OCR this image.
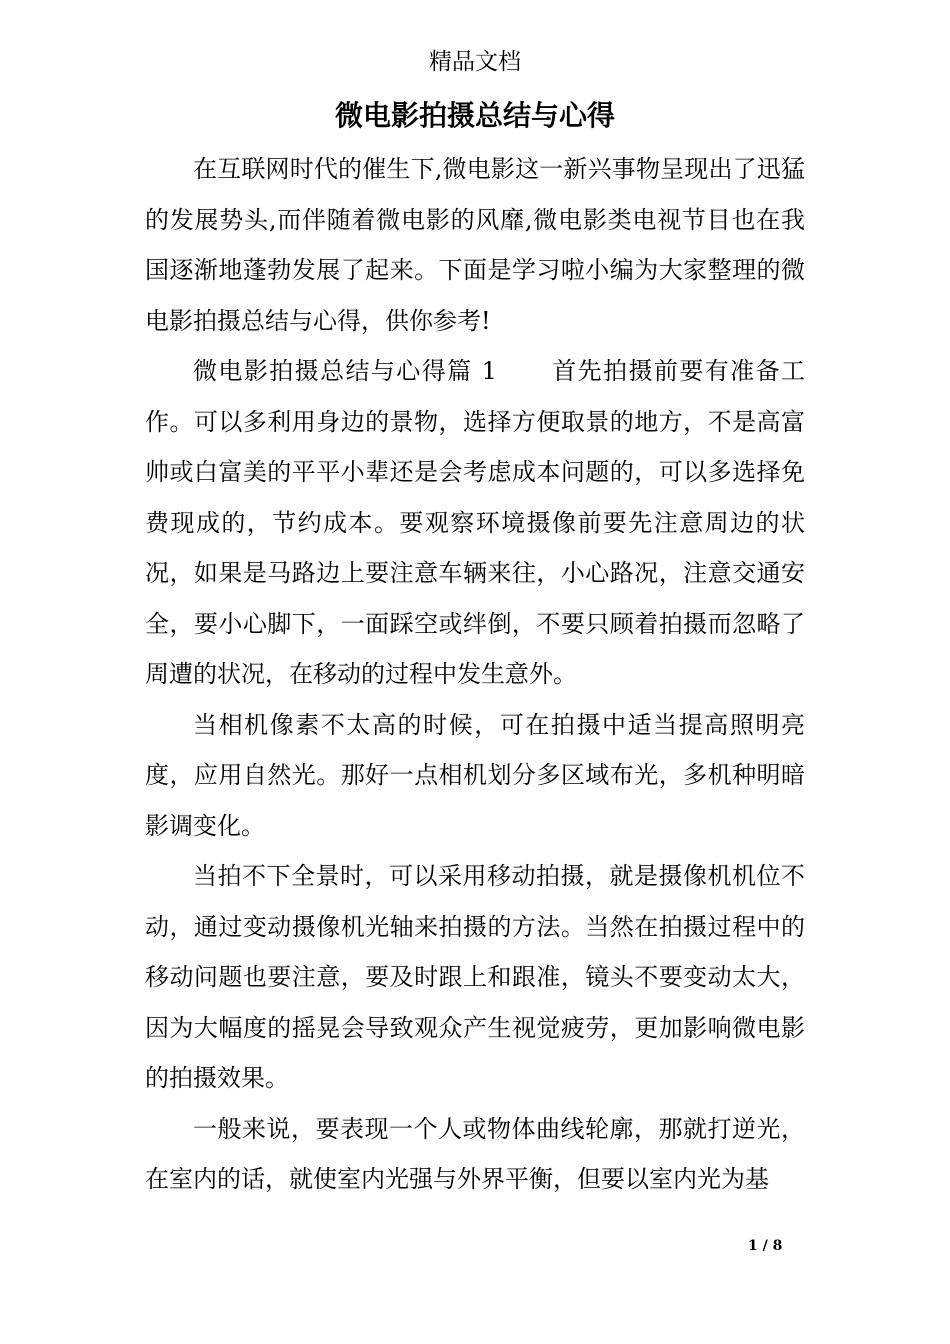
精品文档
微电影拍摄总结与心得

在互联网时代的催生下,微电影这一新兴事物呈现出了迅猛的发展势头,而伴随着微电影的风靡,微电影类电视节目也在我国逐渐地蓬勃发展了起来。下面是学习啦小编为大家整理的微电影拍摄总结与心得，供你参考!

微电影拍摄总结与心得篇 1 首先拍摄前要有准备工作。可以多利用身边的景物，选择方便取景的地方，不是高富帅或白富美的平平小辈还是会考虑成本问题的，可以多选择免费现成的，节约成本。要观察环境摄像前要先注意周边的状况，如果是马路边上要注意车辆来往，小心路况，注意交通安全，要小心脚下，一面踩空或绊倒，不要只顾着拍摄而忽略了周遭的状况，在移动的过程中发生意外。

当相机像素不太高的时候，可在拍摄中适当提高照明亮度，应用自然光。那好一点相机划分多区域布光，多机种明暗影调变化。

当拍不下全景时，可以采用移动拍摄，就是摄像机机位不动，通过变动摄像机光轴来拍摄的方法。当然在拍摄过程中的移动问题也要注意，要及时跟上和跟准，镜头不要变动太大，因为大幅度的摇晃会导致观众产生视觉疲劳，更加影响微电影的拍摄效果。

一般来说，要表现一个人或物体曲线轮廓，那就打逆光，在室内的话，就使室内光强与外界平衡，但要以室内光为基

1 / 8
